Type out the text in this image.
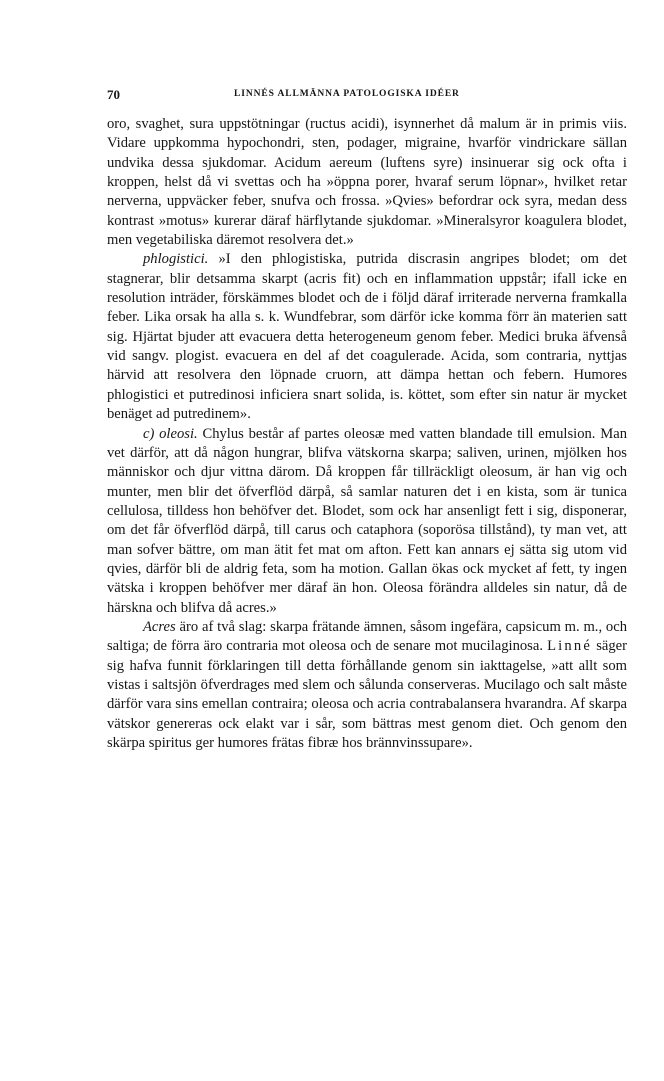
70	LINNÉS ALLMÄNNA PATOLOGISKA IDÉER

oro, svaghet, sura uppstötningar (ructus acidi), isynnerhet då malum är in primis viis. Vidare uppkomma hypochondri, sten, podager, migraine, hvarför vindrickare sällan undvika dessa sjukdomar. Acidum aereum (luftens syre) insinuerar sig ock ofta i kroppen, helst då vi svettas och ha »öppna porer, hvaraf serum löpnar», hvilket retar nerverna, uppväcker feber, snufva och frossa. »Qvies» befordrar ock syra, medan dess kontrast »motus» kurerar däraf härflytande sjukdomar. »Mineralsyror koagulera blodet, men vegetabiliska däremot resolvera det.»

phlogistici. »I den phlogistiska, putrida discrasin angripes blodet; om det stagnerar, blir detsamma skarpt (acris fit) och en inflammation uppstår; ifall icke en resolution inträder, förskämmes blodet och de i följd däraf irriterade nerverna framkalla feber. Lika orsak ha alla s. k. Wundfebrar, som därför icke komma förr än materien satt sig. Hjärtat bjuder att evacuera detta heterogeneum genom feber. Medici bruka äfvenså vid sangv. plogist. evacuera en del af det coagulerade. Acida, som contraria, nyttjas härvid att resolvera den löpnade cruorn, att dämpa hettan och febern. Humores phlogistici et putredinosi inficiera snart solida, is. köttet, som efter sin natur är mycket benäget ad putredinem».

c) oleosi. Chylus består af partes oleosæ med vatten blandade till emulsion. Man vet därför, att då någon hungrar, blifva vätskorna skarpa; saliven, urinen, mjölken hos människor och djur vittna därom. Då kroppen får tillräckligt oleosum, är han vig och munter, men blir det öfverflöd därpå, så samlar naturen det i en kista, som är tunica cellulosa, tilldess hon behöfver det. Blodet, som ock har ansenligt fett i sig, disponerar, om det får öfverflöd därpå, till carus och cataphora (soporösa tillstånd), ty man vet, att man sofver bättre, om man ätit fet mat om afton. Fett kan annars ej sätta sig utom vid qvies, därför bli de aldrig feta, som ha motion. Gallan ökas ock mycket af fett, ty ingen vätska i kroppen behöfver mer däraf än hon. Oleosa förändra alldeles sin natur, då de härskna och blifva då acres.»

Acres äro af två slag: skarpa frätande ämnen, såsom ingefära, capsicum m. m., och saltiga; de förra äro contraria mot oleosa och de senare mot mucilaginosa. Linné säger sig hafva funnit förklaringen till detta förhållande genom sin iakttagelse, »att allt som vistas i saltsjön öfverdrages med slem och sålunda conserveras. Mucilago och salt måste därför vara sins emellan contraira; oleosa och acria contrabalansera hvarandra. Af skarpa vätskor genereras ock elakt var i sår, som bättras mest genom diet. Och genom den skärpa spiritus ger humores frätas fibræ hos brännvinssupare».
